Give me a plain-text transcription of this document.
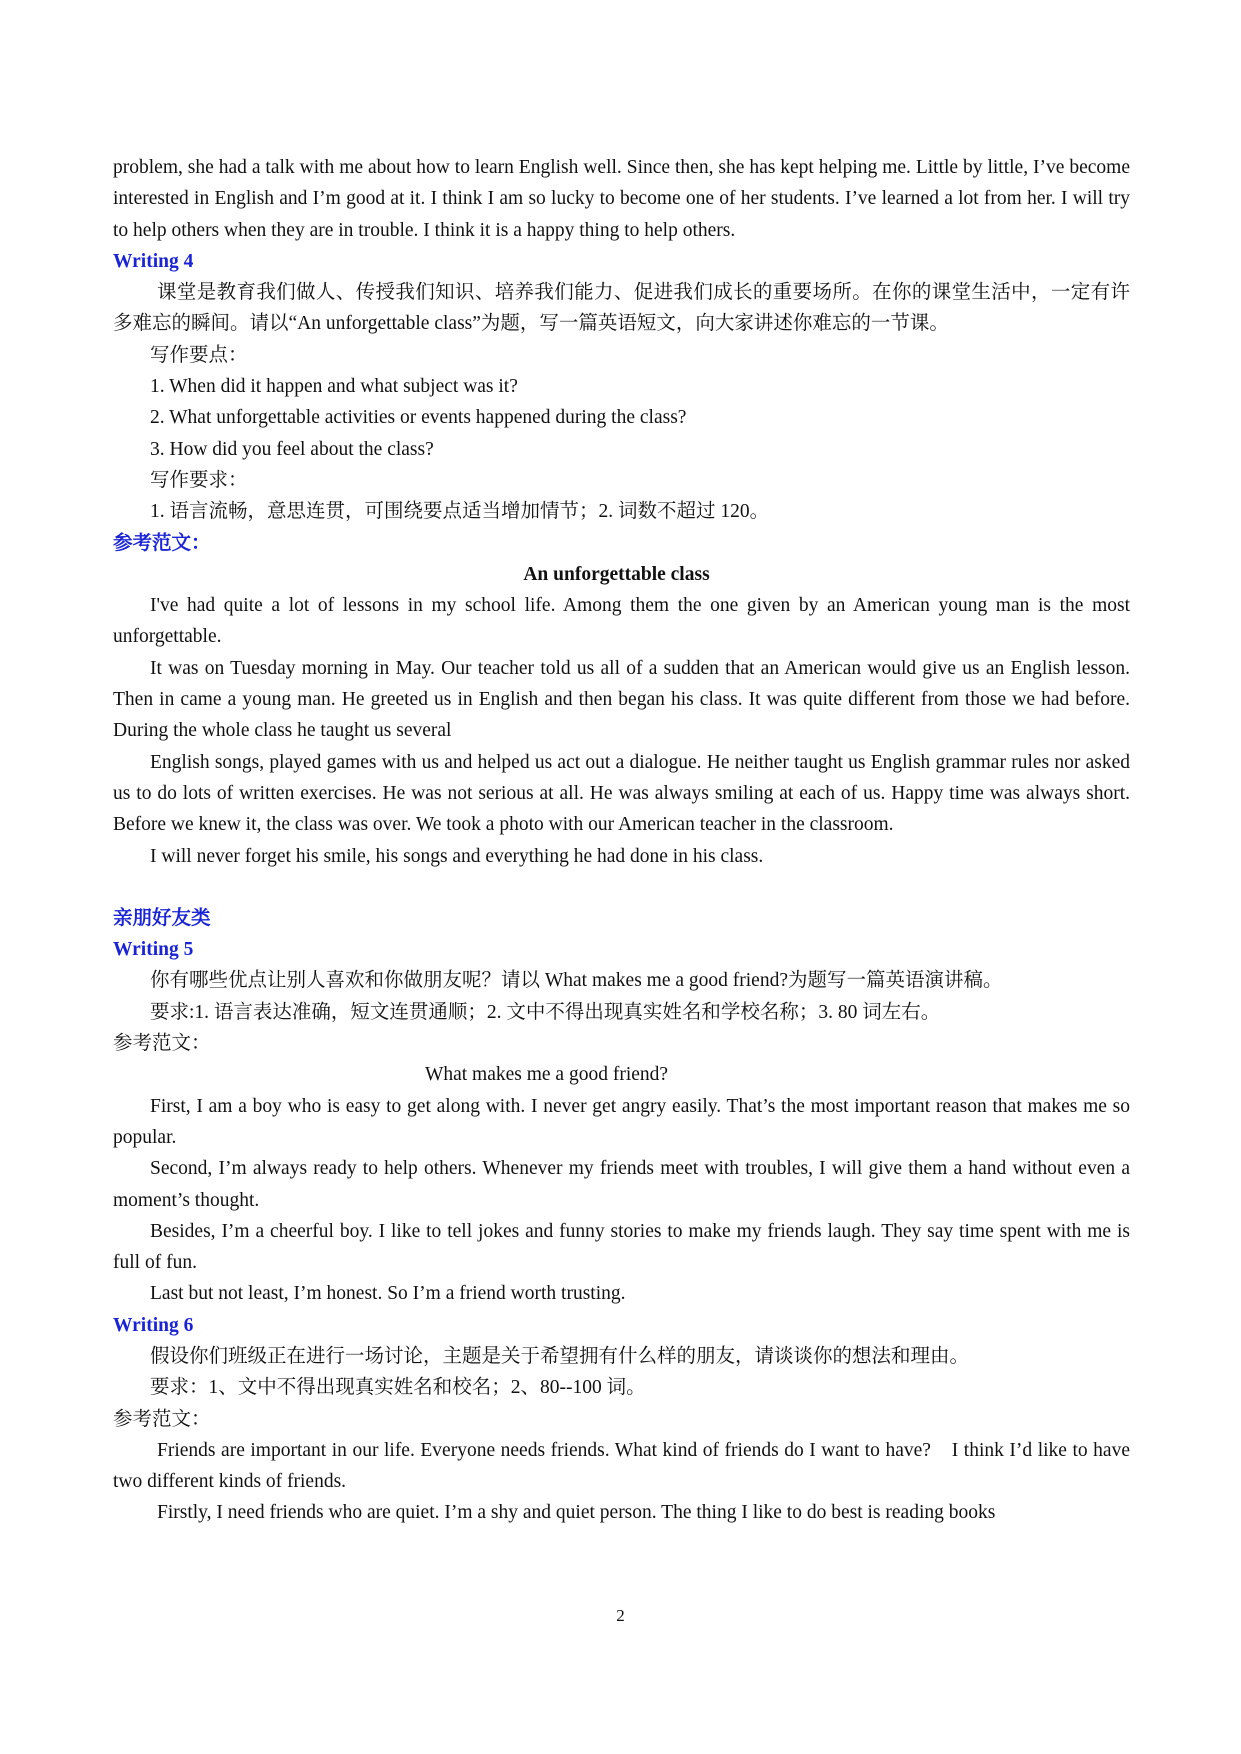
problem, she had a talk with me about how to learn English well. Since then, she has kept helping me. Little by little, I’ve become interested in English and I’m good at it. I think I am so lucky to become one of her students. I’ve learned a lot from her. I will try to help others when they are in trouble. I think it is a happy thing to help others.

Writing 4

课堂是教育我们做人、传授我们知识、培养我们能力、促进我们成长的重要场所。在你的课堂生活中，一定有许多难忘的瞬间。请以“An unforgettable class”为题，写一篇英语短文，向大家讲述你难忘的一节课。

写作要点：

1. When did it happen and what subject was it?

2. What unforgettable activities or events happened during the class?

3. How did you feel about the class?

写作要求：

1. 语言流畅，意思连贯，可围绕要点适当增加情节；2. 词数不超过 120。

参考范文：

An unforgettable class

I've had quite a lot of lessons in my school life. Among them the one given by an American young man is the most unforgettable.

It was on Tuesday morning in May. Our teacher told us all of a sudden that an American would give us an English lesson. Then in came a young man. He greeted us in English and then began his class. It was quite different from those we had before. During the whole class he taught us several

English songs, played games with us and helped us act out a dialogue. He neither taught us English grammar rules nor asked us to do lots of written exercises. He was not serious at all. He was always smiling at each of us. Happy time was always short. Before we knew it, the class was over. We took a photo with our American teacher in the classroom.

I will never forget his smile, his songs and everything he had done in his class.

亲朋好友类

Writing 5

你有哪些优点让别人喜欢和你做朋友呢？请以 What makes me a good friend?为题写一篇英语演讲稿。

要求:1. 语言表达准确，短文连贯通顺；2. 文中不得出现真实姓名和学校名称；3. 80 词左右。

参考范文：

What makes me a good friend?

First, I am a boy who is easy to get along with. I never get angry easily. That’s the most important reason that makes me so popular.

Second, I’m always ready to help others. Whenever my friends meet with troubles, I will give them a hand without even a moment’s thought.

Besides, I’m a cheerful boy. I like to tell jokes and funny stories to make my friends laugh. They say time spent with me is full of fun.

Last but not least, I’m honest. So I’m a friend worth trusting.

Writing 6

假设你们班级正在进行一场讨论，主题是关于希望拥有什么样的朋友，请谈谈你的想法和理由。

要求：1、文中不得出现真实姓名和校名；2、80--100 词。

参考范文：

Friends are important in our life. Everyone needs friends. What kind of friends do I want to have?　I think I’d like to have two different kinds of friends.

Firstly, I need friends who are quiet. I’m a shy and quiet person. The thing I like to do best is reading books

2
